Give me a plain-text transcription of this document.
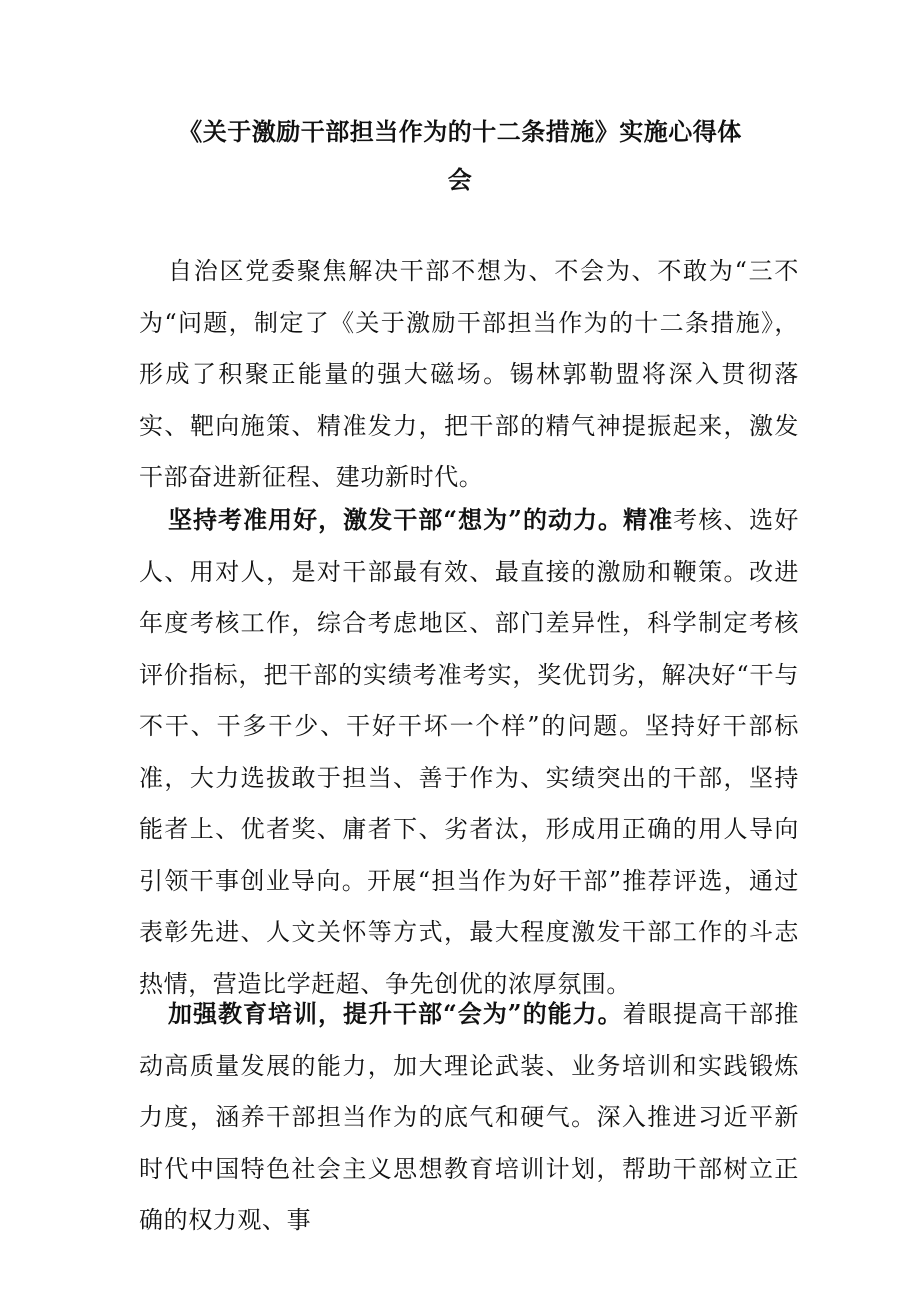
《关于激励干部担当作为的十二条措施》实施心得体
会

自治区党委聚焦解决干部不想为、不会为、不敢为“三不为“问题，制定了《关于激励干部担当作为的十二条措施》，形成了积聚正能量的强大磁场。锡林郭勒盟将深入贯彻落实、靶向施策、精准发力，把干部的精气神提振起来，激发干部奋进新征程、建功新时代。

坚持考准用好，激发干部“想为”的动力。精准考核、选好人、用对人，是对干部最有效、最直接的激励和鞭策。改进年度考核工作，综合考虑地区、部门差异性，科学制定考核评价指标，把干部的实绩考准考实，奖优罚劣，解决好“干与不干、干多干少、干好干坏一个样”的问题。坚持好干部标准，大力选拔敢于担当、善于作为、实绩突出的干部，坚持能者上、优者奖、庸者下、劣者汰，形成用正确的用人导向引领干事创业导向。开展“担当作为好干部”推荐评选，通过表彰先进、人文关怀等方式，最大程度激发干部工作的斗志热情，营造比学赶超、争先创优的浓厚氛围。

加强教育培训，提升干部“会为”的能力。着眼提高干部推动高质量发展的能力，加大理论武装、业务培训和实践锻炼力度，涵养干部担当作为的底气和硬气。深入推进习近平新时代中国特色社会主义思想教育培训计划，帮助干部树立正确的权力观、事
